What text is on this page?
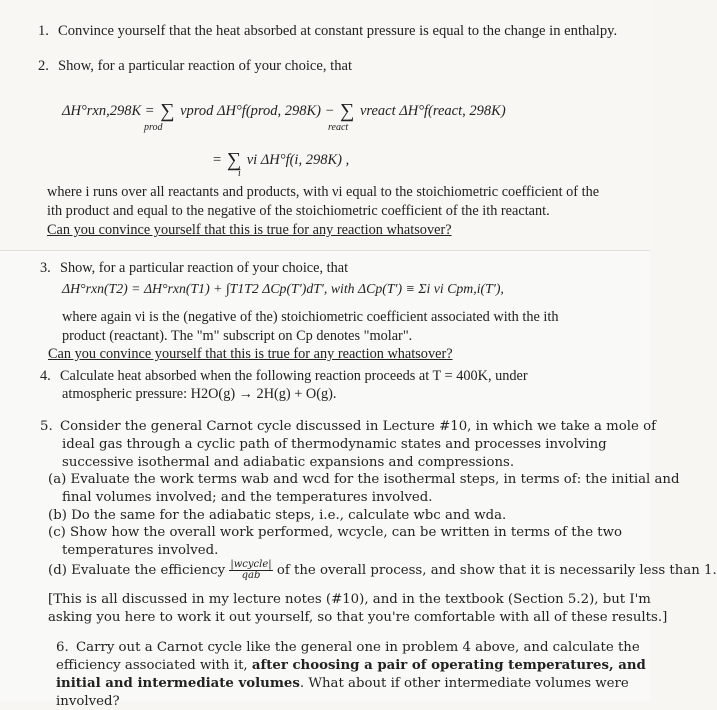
1. Convince yourself that the heat absorbed at constant pressure is equal to the change in enthalpy.
2. Show, for a particular reaction of your choice, that
ΔH°rxn,298K = ∑ νprod ΔH°f(prod, 298K) − ∑ νreact ΔH°f(react, 298K)
prod	react
= ∑ νi ΔH°f(i, 298K) ,
i
where i runs over all reactants and products, with νi equal to the stoichiometric coefficient of the
ith product and equal to the negative of the stoichiometric coefficient of the ith reactant.
Can you convince yourself that this is true for any reaction whatsover?
3. Show, for a particular reaction of your choice, that
ΔH°rxn(T2) = ΔH°rxn(T1) + ∫T1T2 ΔCp(T′)dT′, with ΔCp(T′) ≡ Σi νi Cpm,i(T′),
where again νi is the (negative of the) stoichiometric coefficient associated with the ith
product (reactant). The "m" subscript on Cp denotes "molar".
Can you convince yourself that this is true for any reaction whatsover?
4. Calculate heat absorbed when the following reaction proceeds at T = 400K, under
atmospheric pressure: H2O(g) → 2H(g) + O(g).
5. Consider the general Carnot cycle discussed in Lecture #10, in which we take a mole of
ideal gas through a cyclic path of thermodynamic states and processes involving
successive isothermal and adiabatic expansions and compressions.
(a) Evaluate the work terms wab and wcd for the isothermal steps, in terms of: the initial and
final volumes involved; and the temperatures involved.
(b) Do the same for the adiabatic steps, i.e., calculate wbc and wda.
(c) Show how the overall work performed, wcycle, can be written in terms of the two
temperatures involved.
(d) Evaluate the efficiency $\frac{\text{|wcycle|}}{\text{qab}}$ of the overall process, and show that it is necessarily less than 1.
[This is all discussed in my lecture notes (#10), and in the textbook (Section 5.2), but I'm
asking you here to work it out yourself, so that you're comfortable with all of these results.]
6. Carry out a Carnot cycle like the general one in problem 4 above, and calculate the
efficiency associated with it, after choosing a pair of operating temperatures, and
initial and intermediate volumes. What about if other intermediate volumes were
involved?
